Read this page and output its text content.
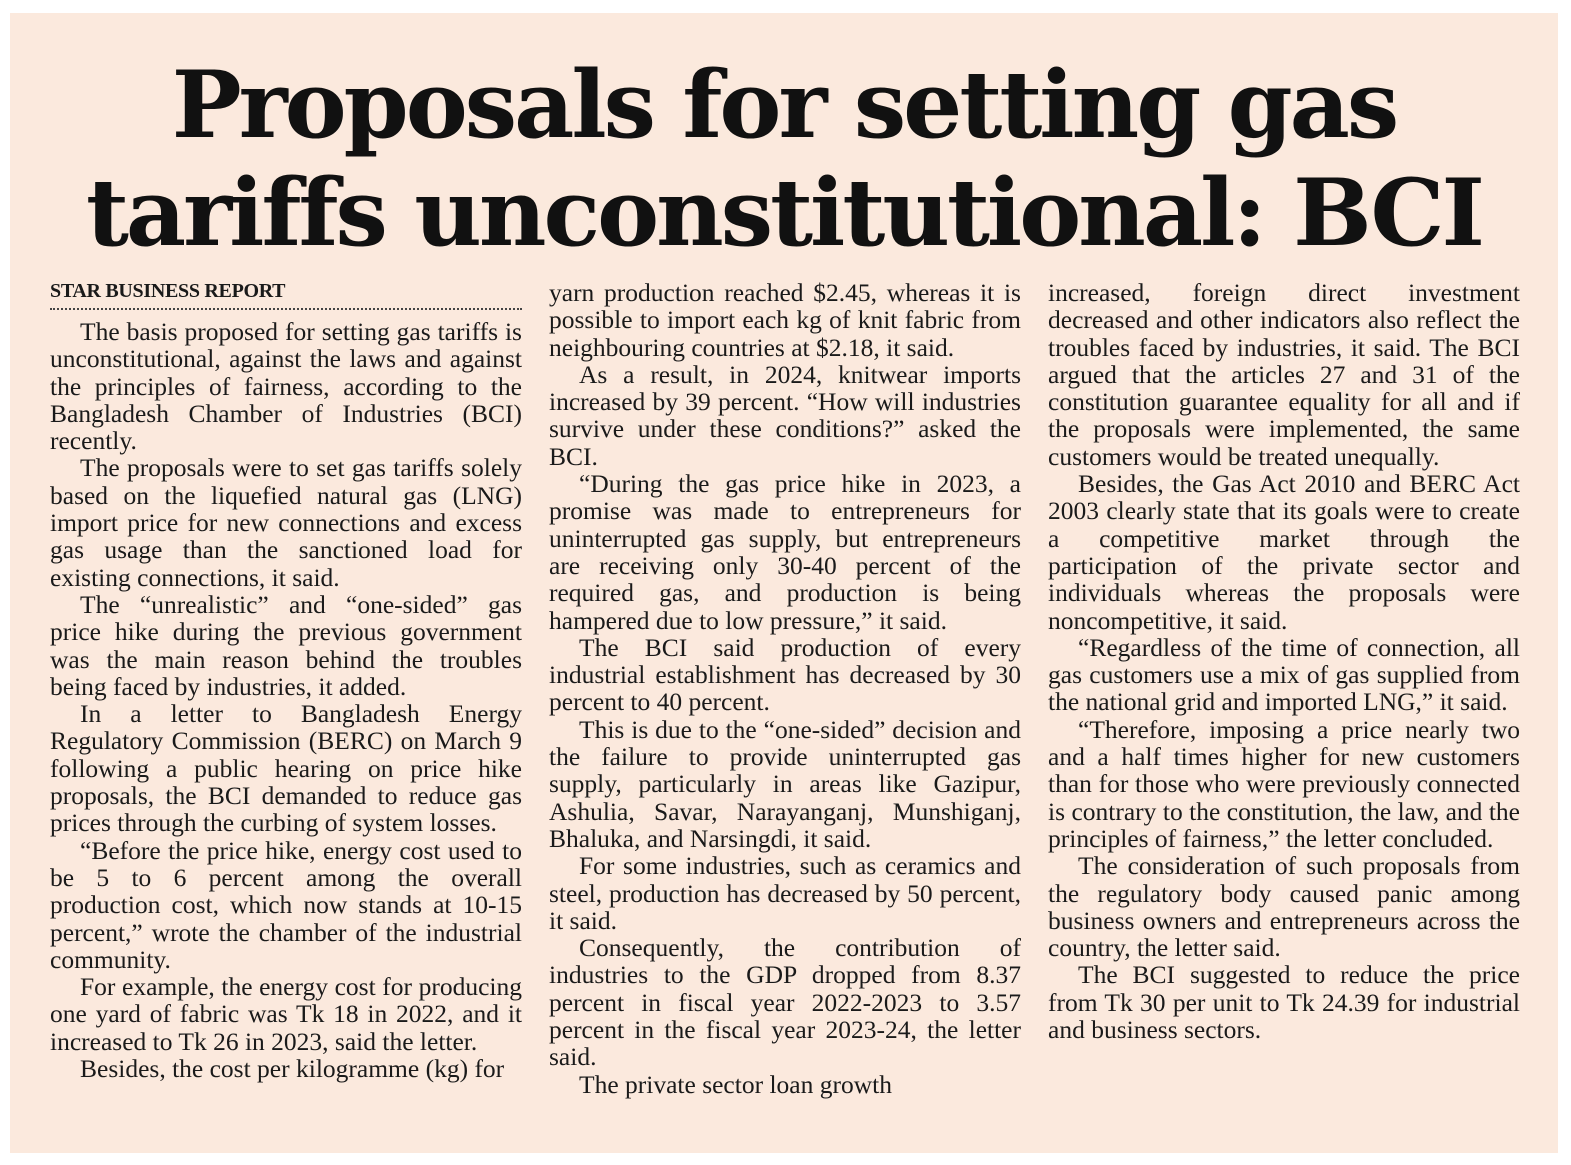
Proposals for setting gas tariffs unconstitutional: BCI
STAR BUSINESS REPORT

The basis proposed for setting gas tariffs is unconstitutional, against the laws and against the principles of fairness, according to the Bangladesh Chamber of Industries (BCI) recently.

The proposals were to set gas tariffs solely based on the liquefied natural gas (LNG) import price for new connections and excess gas usage than the sanctioned load for existing connections, it said.

The “unrealistic” and “one-sided” gas price hike during the previous government was the main reason behind the troubles being faced by industries, it added.

In a letter to Bangladesh Energy Regulatory Commission (BERC) on March 9 following a public hearing on price hike proposals, the BCI demanded to reduce gas prices through the curbing of system losses.

“Before the price hike, energy cost used to be 5 to 6 percent among the overall production cost, which now stands at 10-15 percent,” wrote the chamber of the industrial community.

For example, the energy cost for producing one yard of fabric was Tk 18 in 2022, and it increased to Tk 26 in 2023, said the letter.

Besides, the cost per kilogramme (kg) for

yarn production reached $2.45, whereas it is possible to import each kg of knit fabric from neighbouring countries at $2.18, it said.

As a result, in 2024, knitwear imports increased by 39 percent. “How will industries survive under these conditions?” asked the BCI.

“During the gas price hike in 2023, a promise was made to entrepreneurs for uninterrupted gas supply, but entrepreneurs are receiving only 30-40 percent of the required gas, and production is being hampered due to low pressure,” it said.

The BCI said production of every industrial establishment has decreased by 30 percent to 40 percent.

This is due to the “one-sided” decision and the failure to provide uninterrupted gas supply, particularly in areas like Gazipur, Ashulia, Savar, Narayanganj, Munshiganj, Bhaluka, and Narsingdi, it said.

For some industries, such as ceramics and steel, production has decreased by 50 percent, it said.

Consequently, the contribution of industries to the GDP dropped from 8.37 percent in fiscal year 2022-2023 to 3.57 percent in the fiscal year 2023-24, the letter said.

The private sector loan growth

increased, foreign direct investment decreased and other indicators also reflect the troubles faced by industries, it said. The BCI argued that the articles 27 and 31 of the constitution guarantee equality for all and if the proposals were implemented, the same customers would be treated unequally.

Besides, the Gas Act 2010 and BERC Act 2003 clearly state that its goals were to create a competitive market through the participation of the private sector and individuals whereas the proposals were noncompetitive, it said.

“Regardless of the time of connection, all gas customers use a mix of gas supplied from the national grid and imported LNG,” it said.

“Therefore, imposing a price nearly two and a half times higher for new customers than for those who were previously connected is contrary to the constitution, the law, and the principles of fairness,” the letter concluded.

The consideration of such proposals from the regulatory body caused panic among business owners and entrepreneurs across the country, the letter said.

The BCI suggested to reduce the price from Tk 30 per unit to Tk 24.39 for industrial and business sectors.
